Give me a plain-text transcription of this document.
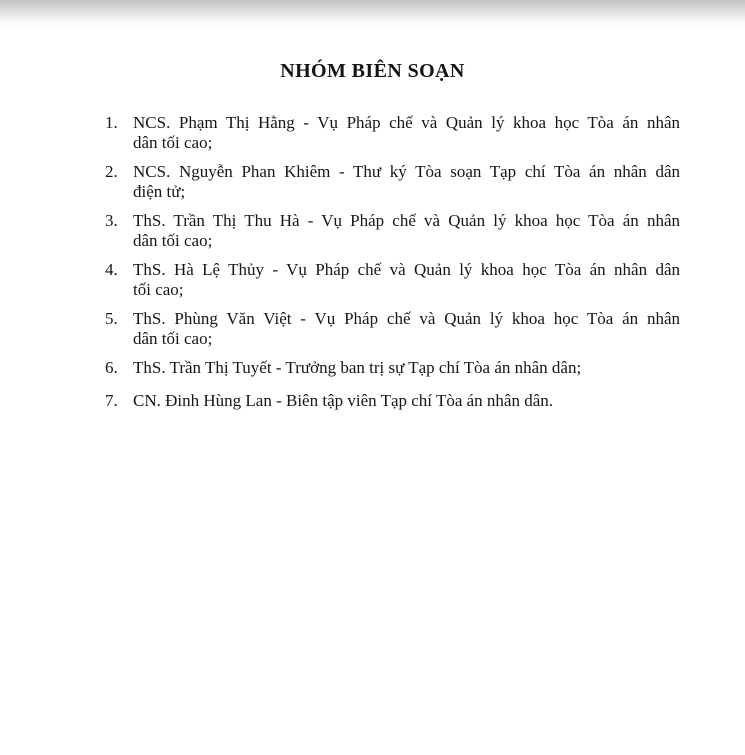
NHÓM BIÊN SOẠN
1. NCS. Phạm Thị Hằng - Vụ Pháp chế và Quản lý khoa học Tòa án nhân
dân tối cao;
2. NCS. Nguyễn Phan Khiêm - Thư ký Tòa soạn Tạp chí Tòa án nhân dân
điện tử;
3. ThS. Trần Thị Thu Hà - Vụ Pháp chế và Quản lý khoa học Tòa án nhân
dân tối cao;
4. ThS. Hà Lệ Thủy - Vụ Pháp chế và Quản lý khoa học Tòa án nhân dân
tối cao;
5. ThS. Phùng Văn Việt - Vụ Pháp chế và Quản lý khoa học Tòa án nhân
dân tối cao;
6. ThS. Trần Thị Tuyết - Trưởng ban trị sự Tạp chí Tòa án nhân dân;
7. CN. Đinh Hùng Lan - Biên tập viên Tạp chí Tòa án nhân dân.
